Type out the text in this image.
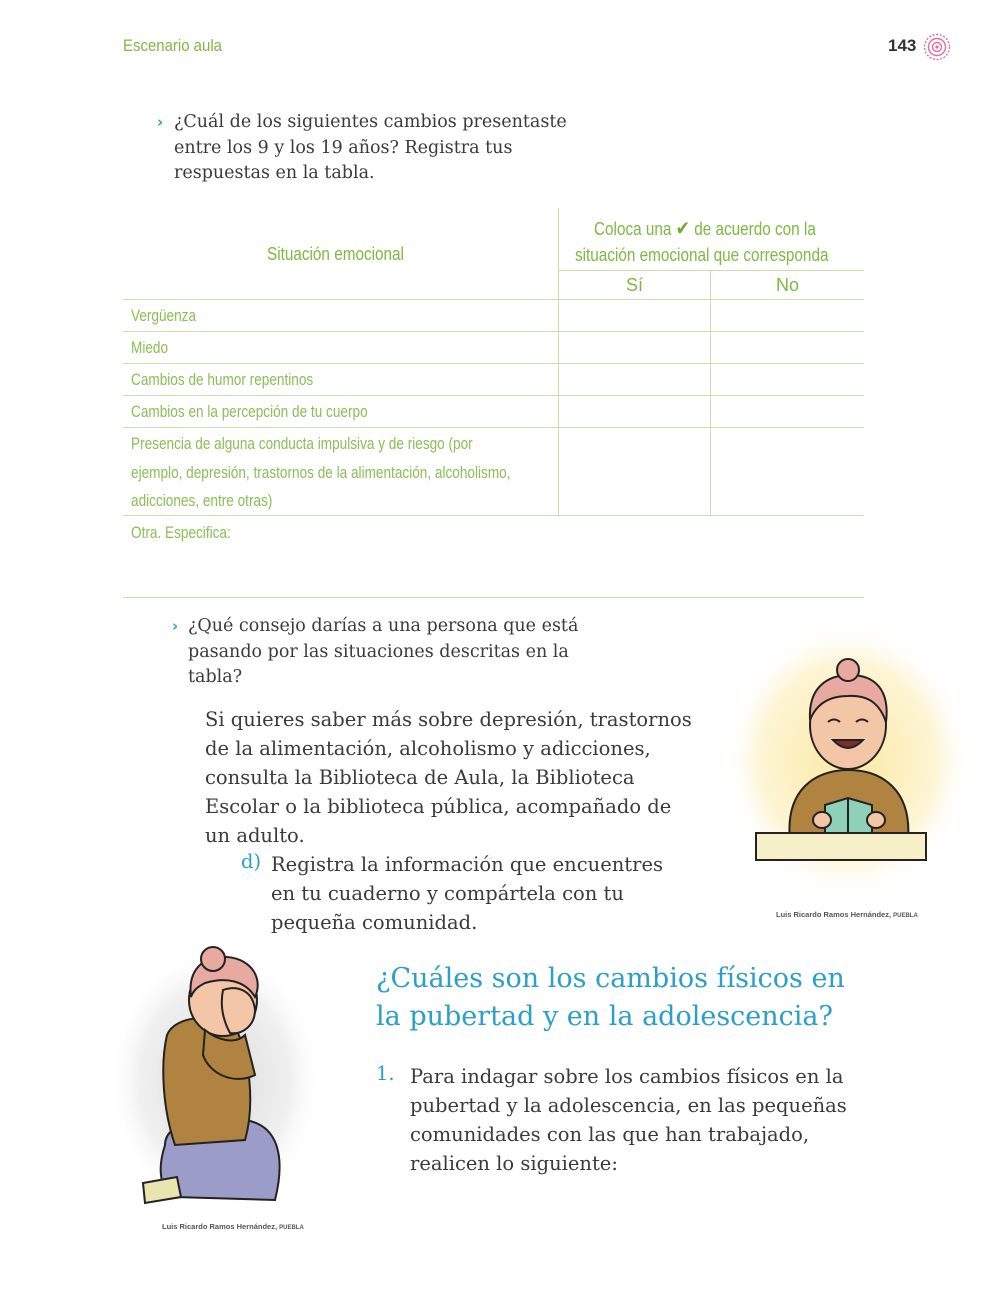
Escenario aula	143
› ¿Cuál de los siguientes cambios presentaste
entre los 9 y los 19 años? Registra tus
respuestas en la tabla.
Situación emocional
Coloca una ✔ de acuerdo con la
situación emocional que corresponda
Sí	No
Vergüenza
Miedo
Cambios de humor repentinos
Cambios en la percepción de tu cuerpo
Presencia de alguna conducta impulsiva y de riesgo (por
ejemplo, depresión, trastornos de la alimentación, alcoholismo,
adicciones, entre otras)
Otra. Especifica:
› ¿Qué consejo darías a una persona que está
pasando por las situaciones descritas en la
tabla?
Si quieres saber más sobre depresión, trastornos
de la alimentación, alcoholismo y adicciones,
consulta la Biblioteca de Aula, la Biblioteca
Escolar o la biblioteca pública, acompañado de
un adulto.
d) Registra la información que encuentres
en tu cuaderno y compártela con tu
pequeña comunidad.	Luis Ricardo Ramos Hernández, PUEBLA
Luis Ricardo Ramos Hernández, PUEBLA
¿Cuáles son los cambios físicos en
la pubertad y en la adolescencia?
1. Para indagar sobre los cambios físicos en la
pubertad y la adolescencia, en las pequeñas
comunidades con las que han trabajado,
realicen lo siguiente:
